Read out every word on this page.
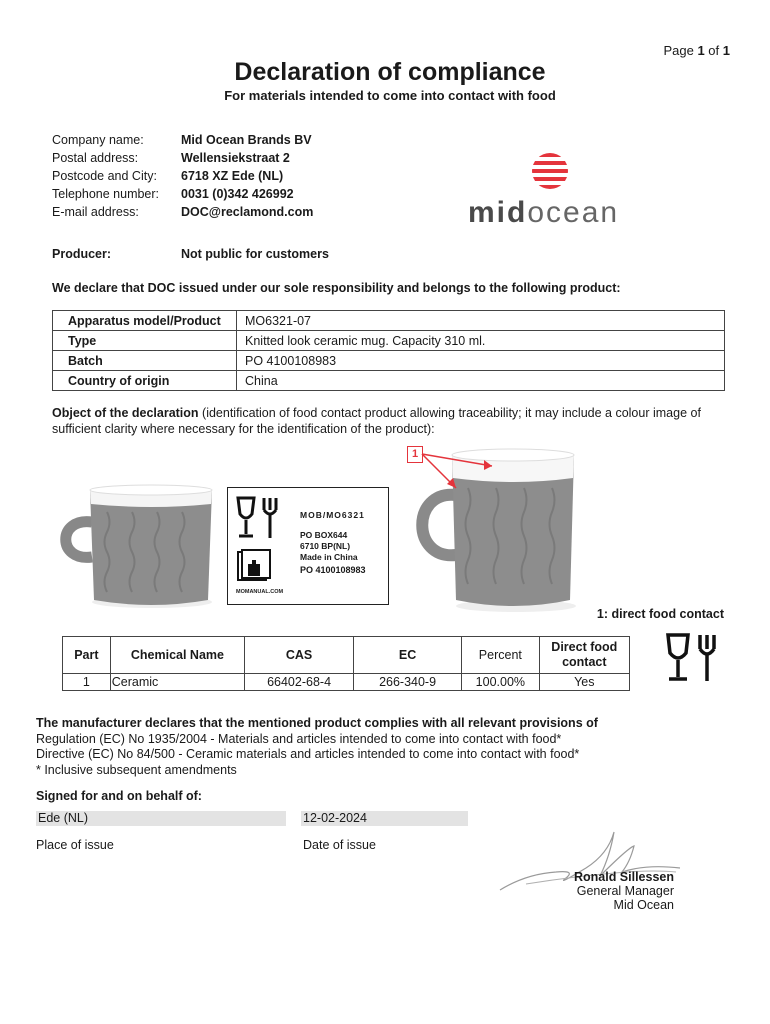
Page 1 of 1
Declaration of compliance
For materials intended to come into contact with food
Company name:	Mid Ocean Brands BV
Postal address:	Wellensiekstraat 2
Postcode and City: 6718 XZ Ede (NL)
Telephone number: 0031 (0)342 426992
E-mail address:	DOC@reclamond.com
Producer:	Not public for customers
midocean
We declare that DOC issued under our sole responsibility and belongs to the following product:
Apparatus model/Product	MO6321-07
Type	Knitted look ceramic mug. Capacity 310 ml.
Batch	PO 4100108983
Country of origin	China
Object of the declaration (identification of food contact product allowing traceability; it may include a colour image of sufficient clarity where necessary for the identification of the product):
MOB/MO6321
PO BOX644
6710 BP(NL)
Made in China
PO 4100108983
MOMANUAL.COM
1
1: direct food contact
Part	Chemical Name	CAS	EC	Percent	Direct food
contact

1	Ceramic	66402-68-4	266-340-9	100.00%	Yes
The manufacturer declares that the mentioned product complies with all relevant provisions of
Regulation (EC) No 1935/2004 - Materials and articles intended to come into contact with food*
Directive (EC) No 84/500 - Ceramic materials and articles intended to come into contact with food*
* Inclusive subsequent amendments
Signed for and on behalf of:
Ede (NL)	12-02-2024
Place of issue	Date of issue
Ronald Sillessen
General Manager
Mid Ocean
